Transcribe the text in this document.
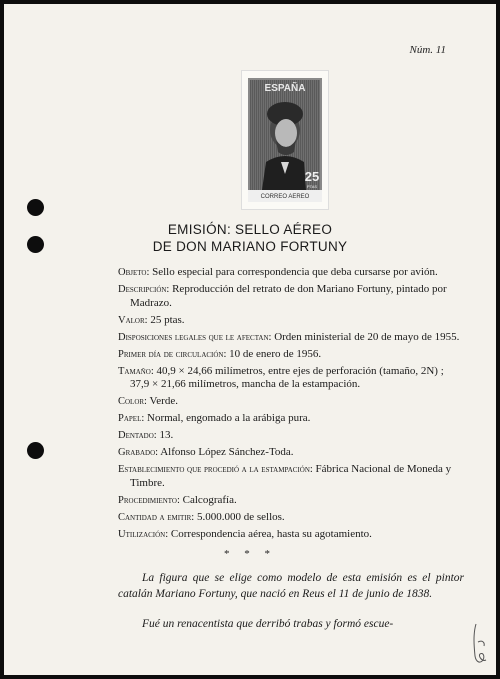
Núm. 11
ESPAÑA
25
PTAS
CORREO AEREO
EMISIÓN: SELLO AÉREO
DE DON MARIANO FORTUNY
Objeto: Sello especial para correspondencia que deba cursarse por avión.
Descripción: Reproducción del retrato de don Mariano Fortuny, pintado por Madrazo.
Valor: 25 ptas.
Disposiciones legales que le afectan: Orden ministerial de 20 de mayo de 1955.
Primer día de circulación: 10 de enero de 1956.
Tamaño: 40,9 × 24,66 milímetros, entre ejes de perforación (tamaño, 2N) ; 37,9 × 21,66 milímetros, mancha de la estampación.
Color: Verde.
Papel: Normal, engomado a la arábiga pura.
Dentado: 13.
Grabado: Alfonso López Sánchez-Toda.
Establecimiento que procedió a la estampación: Fábrica Nacional de Moneda y Timbre.
Procedimiento: Calcografía.
Cantidad a emitir: 5.000.000 de sellos.
Utilización: Correspondencia aérea, hasta su agotamiento.
* * *
La figura que se elige como modelo de esta emisión es el pintor catalán Mariano Fortuny, que nació en Reus el 11 de junio de 1838.
Fué un renacentista que derribó trabas y formó escue-
